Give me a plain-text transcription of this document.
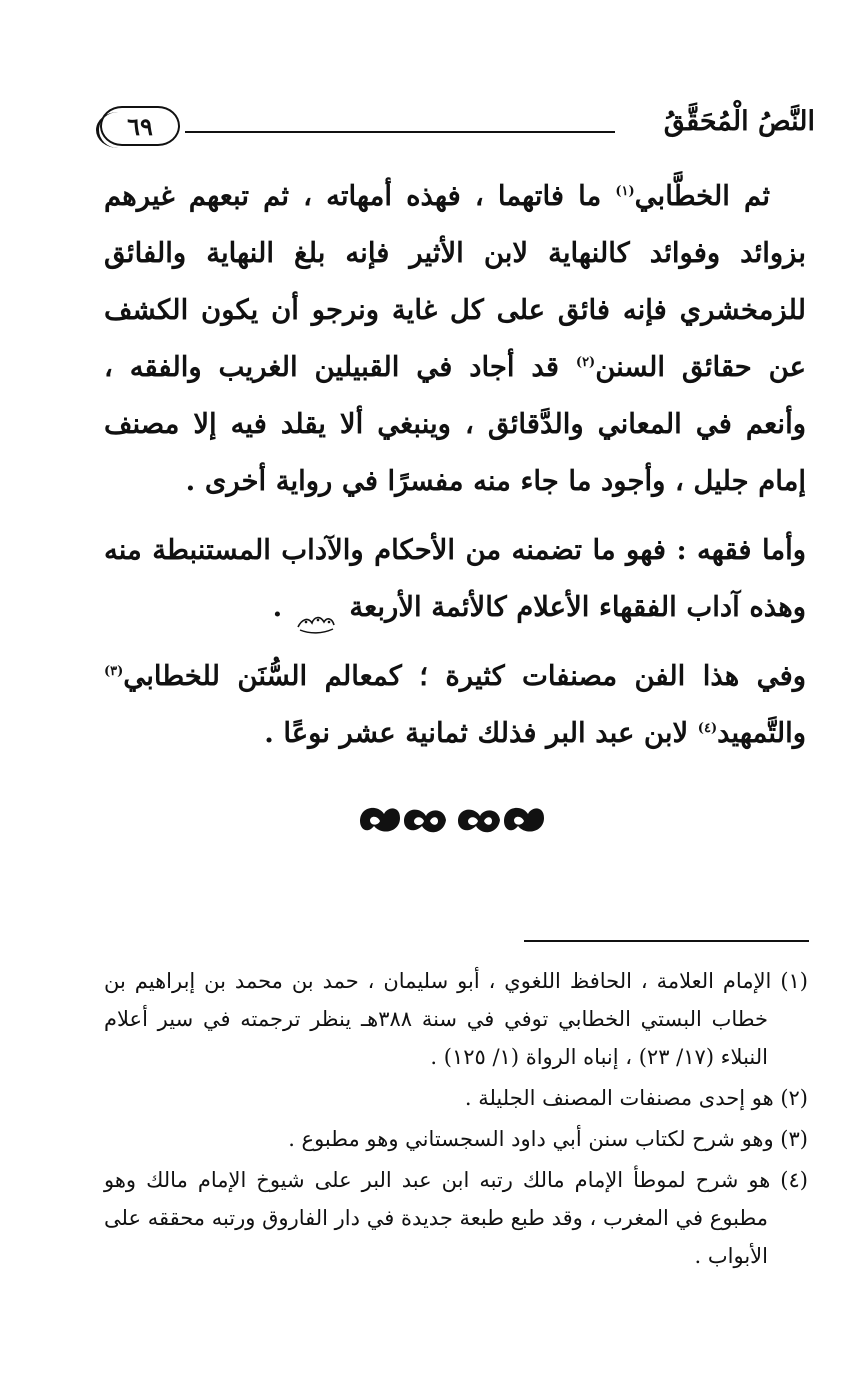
النَّصُ الْمُحَقَّقُ
٦٩

ثم الخطَّابي$^{(١)}$ ما فاتهما ، فهذه أمهاته ، ثم تبعهم غيرهم بزوائد وفوائد كالنهاية لابن الأثير فإنه بلغ النهاية والفائق للزمخشري فإنه فائق على كل غاية ونرجو أن يكون الكشف عن حقائق السنن$^{(٢)}$ قد أجاد في القبيلين الغريب والفقه ، وأنعم في المعاني والدَّقائق ، وينبغي ألا يقلد فيه إلا مصنف إمام جليل ، وأجود ما جاء منه مفسرًا في رواية أخرى .

وأما فقهه : فهو ما تضمنه من الأحكام والآداب المستنبطة منه وهذه آداب الفقهاء الأعلام كالأئمة الأربعة  .

وفي هذا الفن مصنفات كثيرة ؛ كمعالم السُّنَن للخطابي$^{(٣)}$ والتَّمهيد$^{(٤)}$ لابن عبد البر فذلك ثمانية عشر نوعًا .

(١) الإمام العلامة ، الحافظ اللغوي ، أبو سليمان ، حمد بن محمد بن إبراهيم بن خطاب البستي الخطابي توفي في سنة ٣٨٨هـ ينظر ترجمته في سير أعلام النبلاء (١٧/ ٢٣) ، إنباه الرواة (١/ ١٢٥) .

(٢) هو إحدى مصنفات المصنف الجليلة .

(٣) وهو شرح لكتاب سنن أبي داود السجستاني وهو مطبوع .

(٤) هو شرح لموطأ الإمام مالك رتبه ابن عبد البر على شيوخ الإمام مالك وهو مطبوع في المغرب ، وقد طبع طبعة جديدة في دار الفاروق ورتبه محققه على الأبواب .
